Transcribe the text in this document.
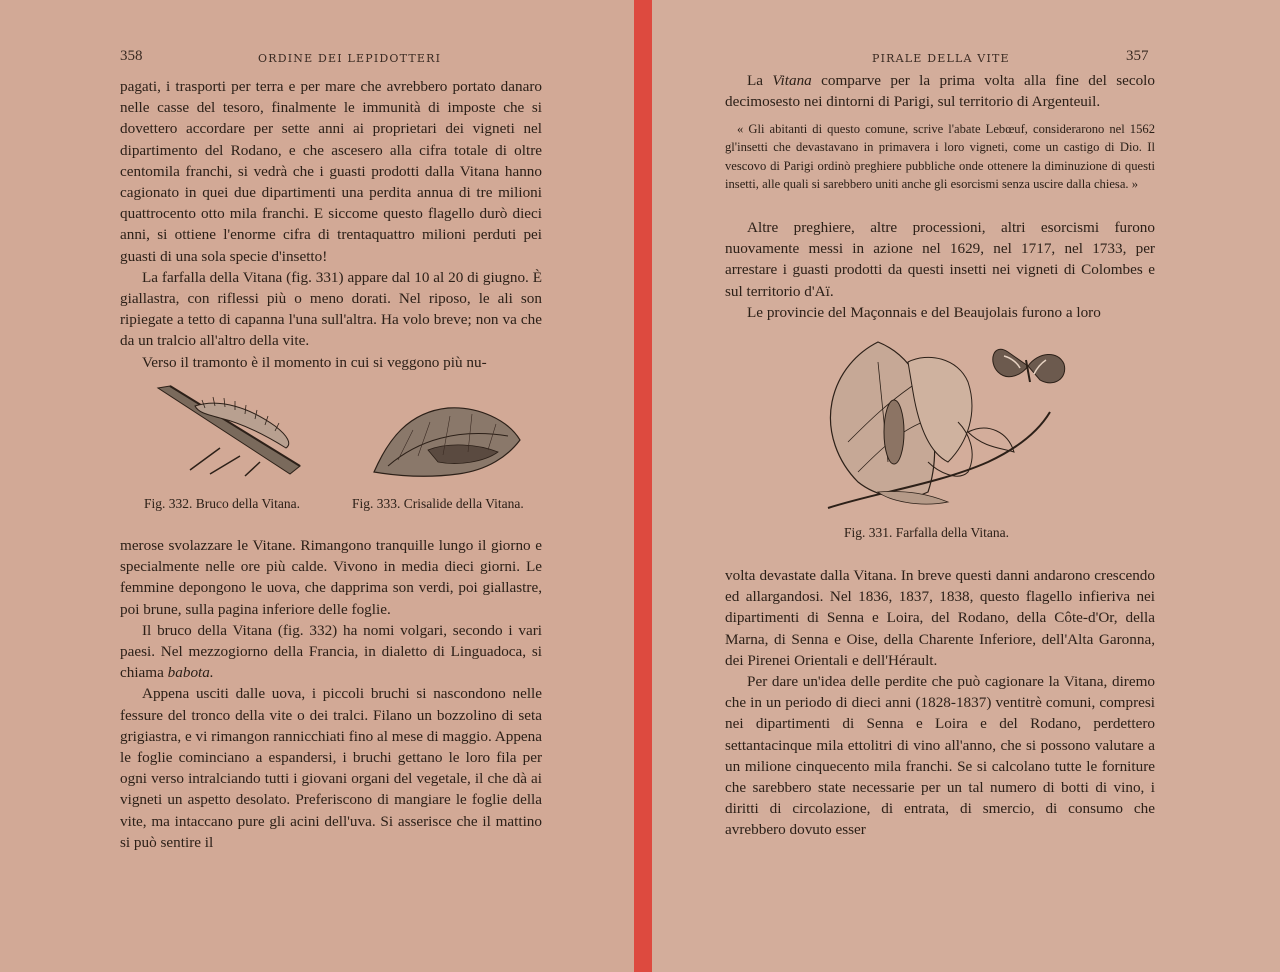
358	ORDINE DEI LEPIDOTTERI

pagati, i trasporti per terra e per mare che avrebbero portato danaro nelle casse del tesoro, finalmente le immunità di imposte che si dovettero accordare per sette anni ai proprietari dei vigneti nel dipartimento del Rodano, e che ascesero alla cifra totale di oltre centomila franchi, si vedrà che i guasti prodotti dalla Vitana hanno cagionato in quei due dipartimenti una perdita annua di tre milioni quattrocento otto mila franchi. E siccome questo flagello durò dieci anni, si ottiene l'enorme cifra di trentaquattro milioni perduti pei guasti di una sola specie d'insetto!

La farfalla della Vitana (fig. 331) appare dal 10 al 20 di giugno. È giallastra, con riflessi più o meno dorati. Nel riposo, le ali son ripiegate a tetto di capanna l'una sull'altra. Ha volo breve; non va che da un tralcio all'altro della vite.

Verso il tramonto è il momento in cui si veggono più nu-

Fig. 332. Bruco della Vitana.	Fig. 333. Crisalide della Vitana.

merose svolazzare le Vitane. Rimangono tranquille lungo il giorno e specialmente nelle ore più calde. Vivono in media dieci giorni. Le femmine depongono le uova, che dapprima son verdi, poi giallastre, poi brune, sulla pagina inferiore delle foglie.

Il bruco della Vitana (fig. 332) ha nomi volgari, secondo i vari paesi. Nel mezzogiorno della Francia, in dialetto di Linguadoca, si chiama babota.

Appena usciti dalle uova, i piccoli bruchi si nascondono nelle fessure del tronco della vite o dei tralci. Filano un bozzolino di seta grigiastra, e vi rimangon rannicchiati fino al mese di maggio. Appena le foglie cominciano a espandersi, i bruchi gettano le loro fila per ogni verso intralciando tutti i giovani organi del vegetale, il che dà ai vigneti un aspetto desolato. Preferiscono di mangiare le foglie della vite, ma intaccano pure gli acini dell'uva. Si asserisce che il mattino si può sentire il

PIRALE DELLA VITE	357

La Vitana comparve per la prima volta alla fine del secolo decimosesto nei dintorni di Parigi, sul territorio di Argenteuil.

« Gli abitanti di questo comune, scrive l'abate Lebœuf, considerarono nel 1562 gl'insetti che devastavano in primavera i loro vigneti, come un castigo di Dio. Il vescovo di Parigi ordinò preghiere pubbliche onde ottenere la diminuzione di questi insetti, alle quali si sarebbero uniti anche gli esorcismi senza uscire dalla chiesa. »

Altre preghiere, altre processioni, altri esorcismi furono nuovamente messi in azione nel 1629, nel 1717, nel 1733, per arrestare i guasti prodotti da questi insetti nei vigneti di Colombes e sul territorio d'Aï.

Le provincie del Maçonnais e del Beaujolais furono a loro

Fig. 331. Farfalla della Vitana.

volta devastate dalla Vitana. In breve questi danni andarono crescendo ed allargandosi. Nel 1836, 1837, 1838, questo flagello infieriva nei dipartimenti di Senna e Loira, del Rodano, della Côte-d'Or, della Marna, di Senna e Oise, della Charente Inferiore, dell'Alta Garonna, dei Pirenei Orientali e dell'Hérault.

Per dare un'idea delle perdite che può cagionare la Vitana, diremo che in un periodo di dieci anni (1828-1837) ventitrè comuni, compresi nei dipartimenti di Senna e Loira e del Rodano, perdettero settantacinque mila ettolitri di vino all'anno, che si possono valutare a un milione cinquecento mila franchi. Se si calcolano tutte le forniture che sarebbero state necessarie per un tal numero di botti di vino, i diritti di circolazione, di entrata, di smercio, di consumo che avrebbero dovuto esser
